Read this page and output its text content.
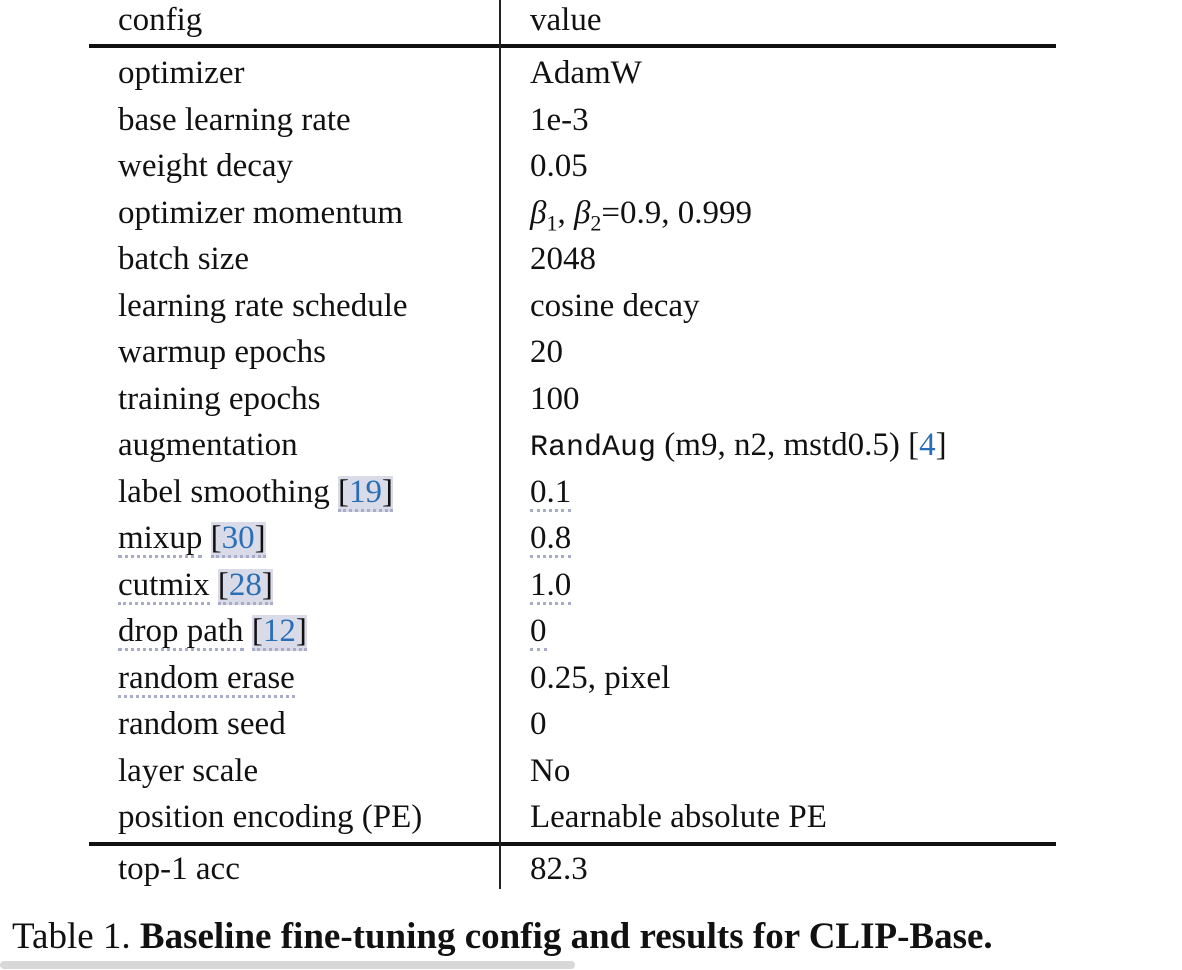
config	value
optimizer	AdamW
base learning rate	1e-3
weight decay	0.05
optimizer momentum	$\beta_1$, $\beta_2=0.9$, 0.999
batch size	2048
learning rate schedule	cosine decay
warmup epochs	20
training epochs	100
augmentation	RandAug (m9, n2, mstd0.5) [4]
label smoothing [19]	0.1
mixup [30]	0.8
cutmix [28]	1.0
drop path [12]	0
random erase	0.25, pixel
random seed	0
layer scale	No
position encoding (PE)	Learnable absolute PE
top-1 acc	82.3
Table 1. Baseline fine-tuning config and results for CLIP-Base.
